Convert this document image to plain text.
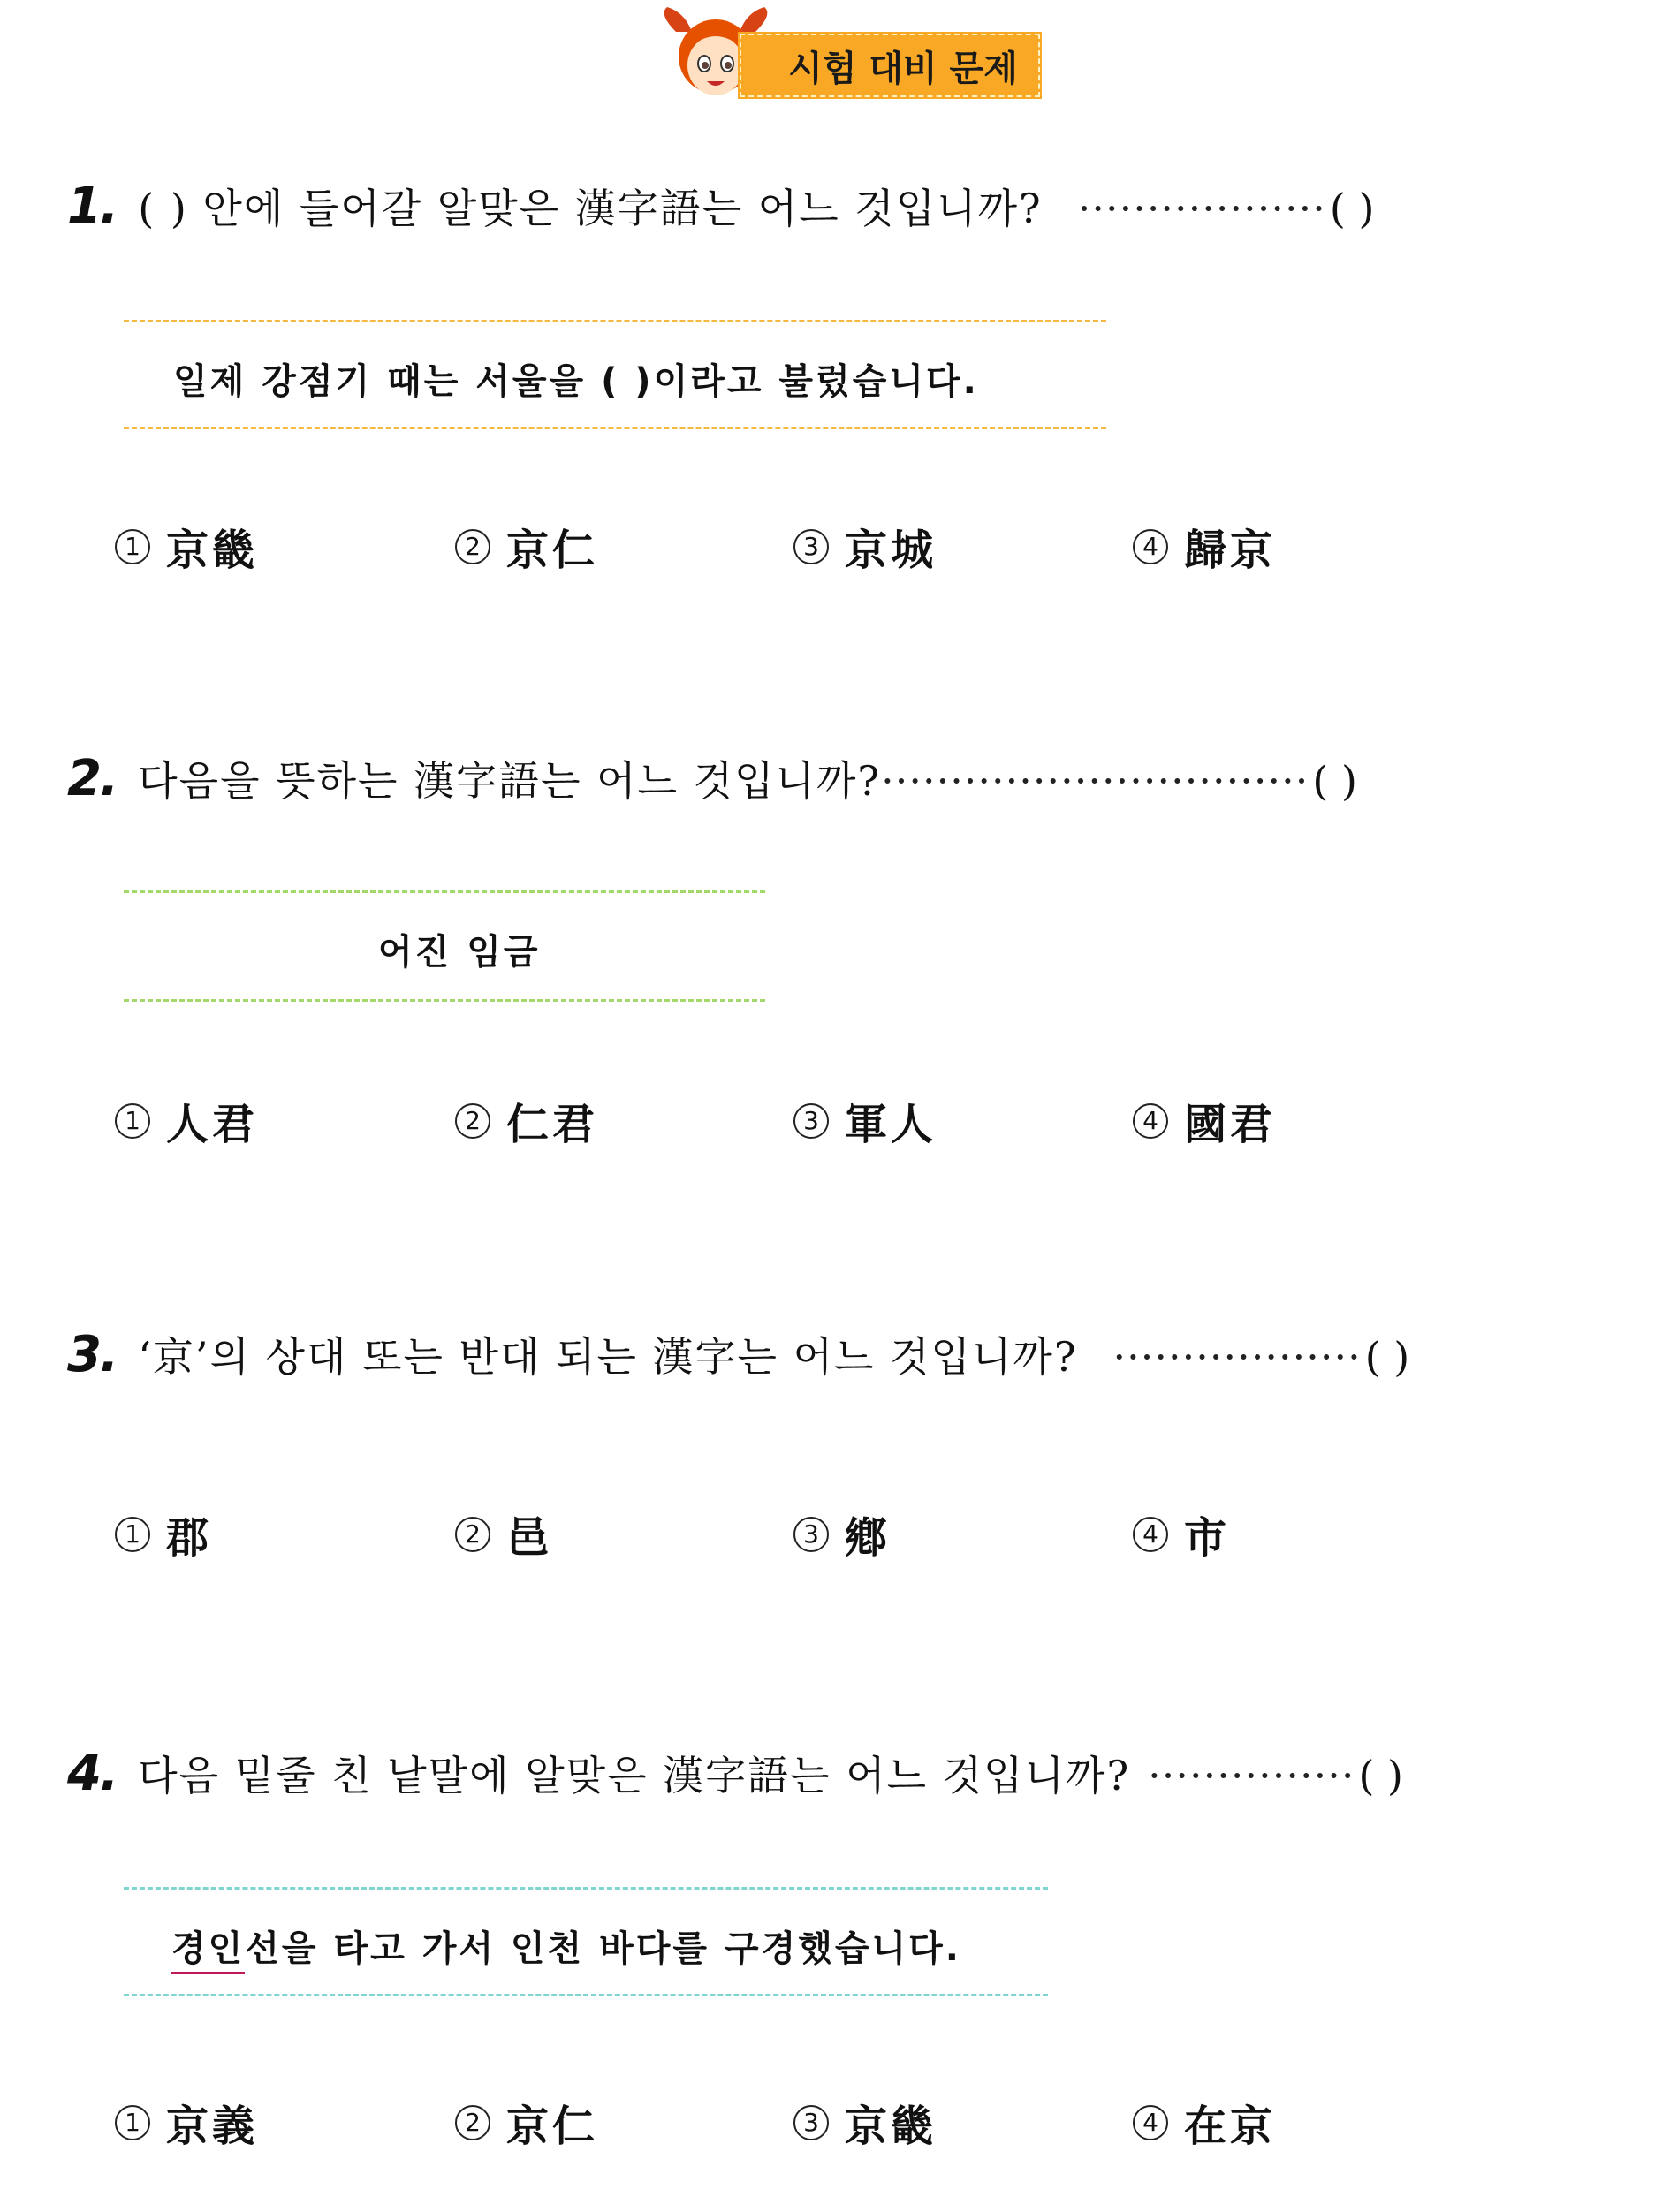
시험 대비 문제
1. ( ) 안에 들어갈 알맞은 漢字語는 어느 것입니까? ·················· ( )
일제 강점기 때는 서울을 ( )이라고 불렀습니다.
1 京畿	2 京仁	3 京城	4 歸京
2. 다음을 뜻하는 漢字語는 어느 것입니까? ······························· ( )
어진 임금
1 人君	2 仁君	3 軍人	4 國君
3. ‘京’의 상대 또는 반대 되는 漢字는 어느 것입니까? ·················· ( )
1 郡	2 邑	3 鄕	4 市
4. 다음 밑줄 친 낱말에 알맞은 漢字語는 어느 것입니까? ··············· ( )
경인선을 타고 가서 인천 바다를 구경했습니다.
1 京義	2 京仁	3 京畿	4 在京
